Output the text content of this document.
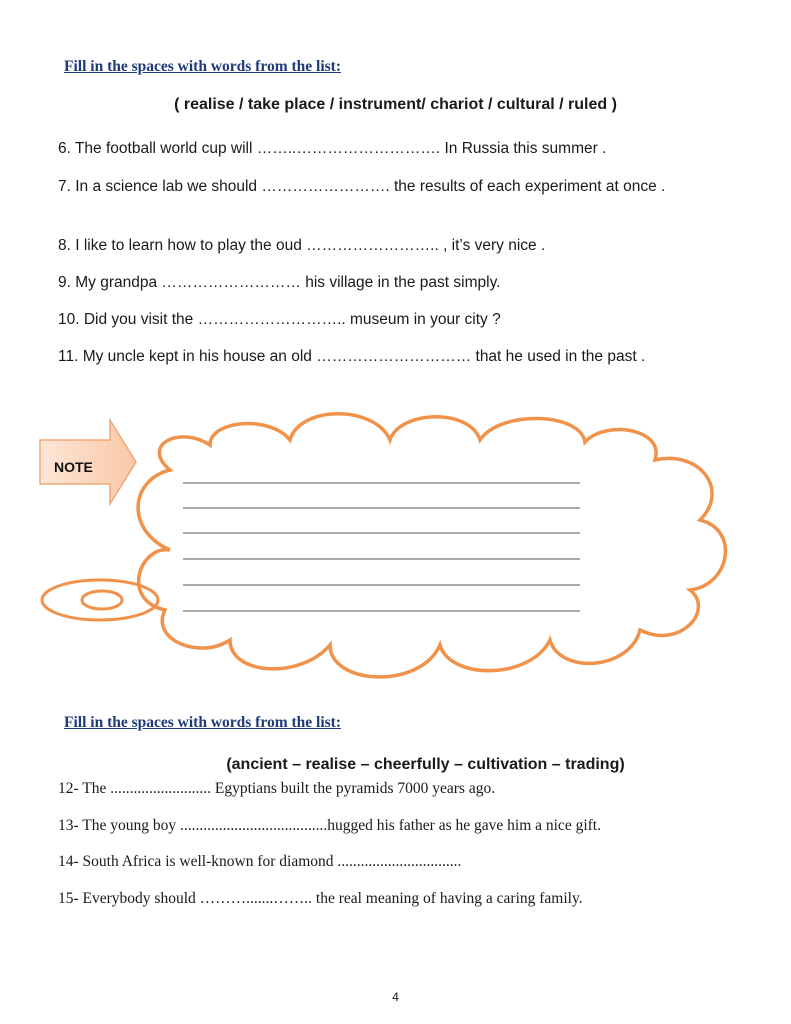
Fill in the spaces with words from the list:
( realise / take place / instrument/ chariot / cultural / ruled )
6. The football world cup will ……..………………………. In Russia this summer .
7. In a science lab we should ……………………. the results of each experiment at once .
8. I like to learn how to play the oud …………………….. , it’s very nice .
9. My grandpa ……………………… his village in the past simply.
10. Did you visit the ……………………….. museum in your city ?
11. My uncle kept in his house an old ………………………… that he used in the past .
NOTE
Fill in the spaces with words from the list:
(ancient – realise – cheerfully – cultivation – trading)
12- The .......................... Egyptians built the pyramids 7000 years ago.
13- The young boy ......................................hugged his father as he gave him a nice gift.
14- South Africa is well-known for diamond ................................
15- Everybody should ……….......…….. the real meaning of having a caring family.
4
